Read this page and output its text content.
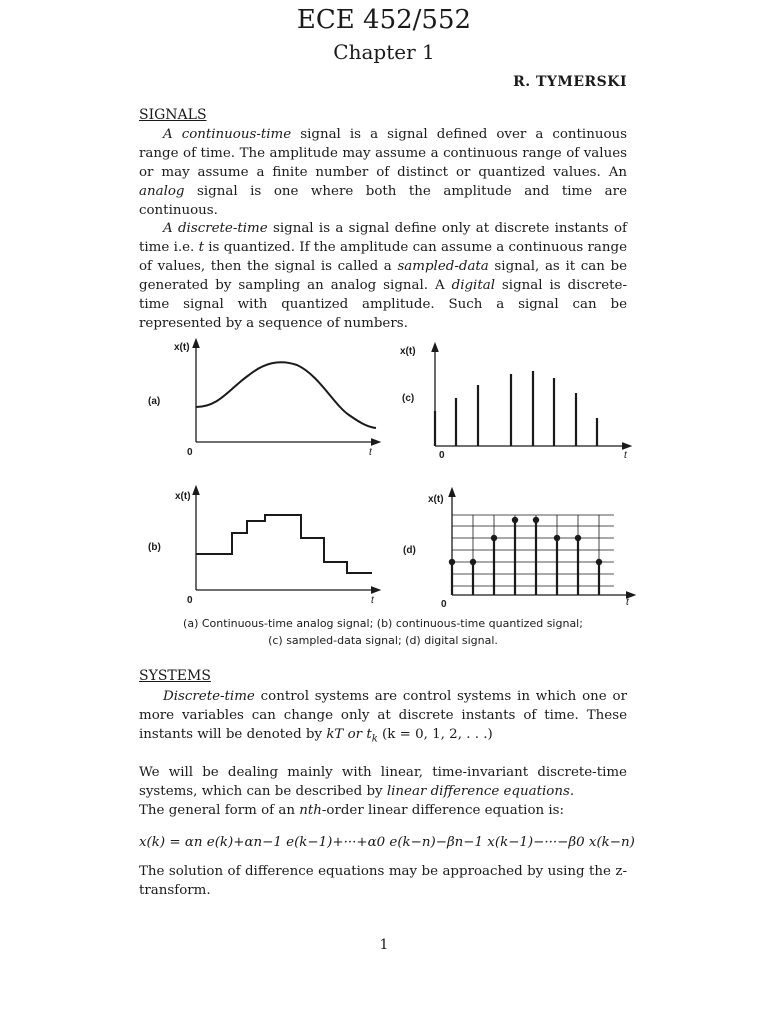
ECE 452/552
Chapter 1
R. TYMERSKI
SIGNALS

A continuous-time signal is a signal defined over a continuous range of time. The amplitude may assume a continuous range of values or may assume a finite number of distinct or quantized values. An analog signal is one where both the amplitude and time are continuous.

A discrete-time signal is a signal define only at discrete instants of time i.e. t is quantized. If the amplitude can assume a continuous range of values, then the signal is called a sampled-data signal, as it can be generated by sampling an analog signal. A digital signal is discrete-time signal with quantized amplitude. Such a signal can be represented by a sequence of numbers.

x(t)
(a)
0	t
x(t)
(c)
0	t
x(t)
(b)
0	t
x(t)
(d)
0	t
(a) Continuous-time analog signal; (b) continuous-time quantized signal;
(c) sampled-data signal; (d) digital signal.
SYSTEMS

Discrete-time control systems are control systems in which one or more variables can change only at discrete instants of time. These instants will be denoted by kT or $t_k$ (k = 0, 1, 2, . . .)

We will be dealing mainly with linear, time-invariant discrete-time systems, which can be described by linear difference equations.

The general form of an nth-order linear difference equation is:

x(k) = αn e(k)+αn−1 e(k−1)+···+α0 e(k−n)−βn−1 x(k−1)−···−β0 x(k−n)
The solution of difference equations may be approached by using the z-transform.
1
